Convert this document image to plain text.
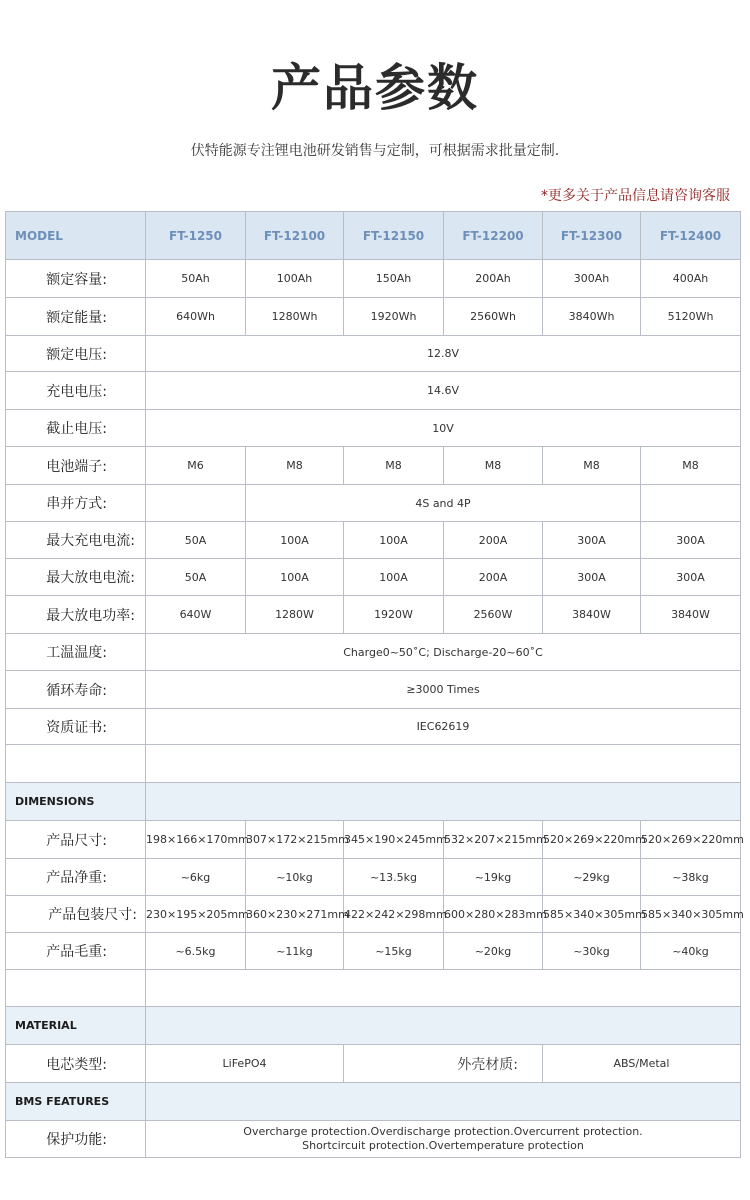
产品参数
伏特能源专注锂电池研发销售与定制，可根据需求批量定制.
*更多关于产品信息请咨询客服
MODEL	FT-1250	FT-12100	FT-12150	FT-12200	FT-12300	FT-12400
额定容量:	50Ah	100Ah	150Ah	200Ah	300Ah	400Ah
额定能量:	640Wh	1280Wh	1920Wh	2560Wh	3840Wh	5120Wh
额定电压:	12.8V					
充电电压:	14.6V					
截止电压:	10V					
电池端子:	M6	M8	M8	M8	M8	M8
串并方式:		4S and 4P				
最大充电电流:	50A	100A	100A	200A	300A	300A
最大放电电流:	50A	100A	100A	200A	300A	300A
最大放电功率:	640W	1280W	1920W	2560W	3840W	3840W
工温温度:	Charge0~50˚C; Discharge-20~60˚C					
循环寿命:	≥3000 Times					
资质证书:	IEC62619					

DIMENSIONS						
产品尺寸:	198×166×170mm	307×172×215mm	345×190×245mm	532×207×215mm	520×269×220mm	520×269×220mm
产品净重:	~6kg	~10kg	~13.5kg	~19kg	~29kg	~38kg
产品包装尺寸:	230×195×205mm	360×230×271mm	422×242×298mm	600×280×283mm	585×340×305mm	585×340×305mm
产品毛重:	~6.5kg	~11kg	~15kg	~20kg	~30kg	~40kg

MATERIAL						
电芯类型:	LiFePO4		外壳材质:		ABS/Metal	
BMS FEATURES						
保护功能:	Overcharge protection.Overdischarge protection.Overcurrent protection.
Shortcircuit protection.Overtemperature protection					
